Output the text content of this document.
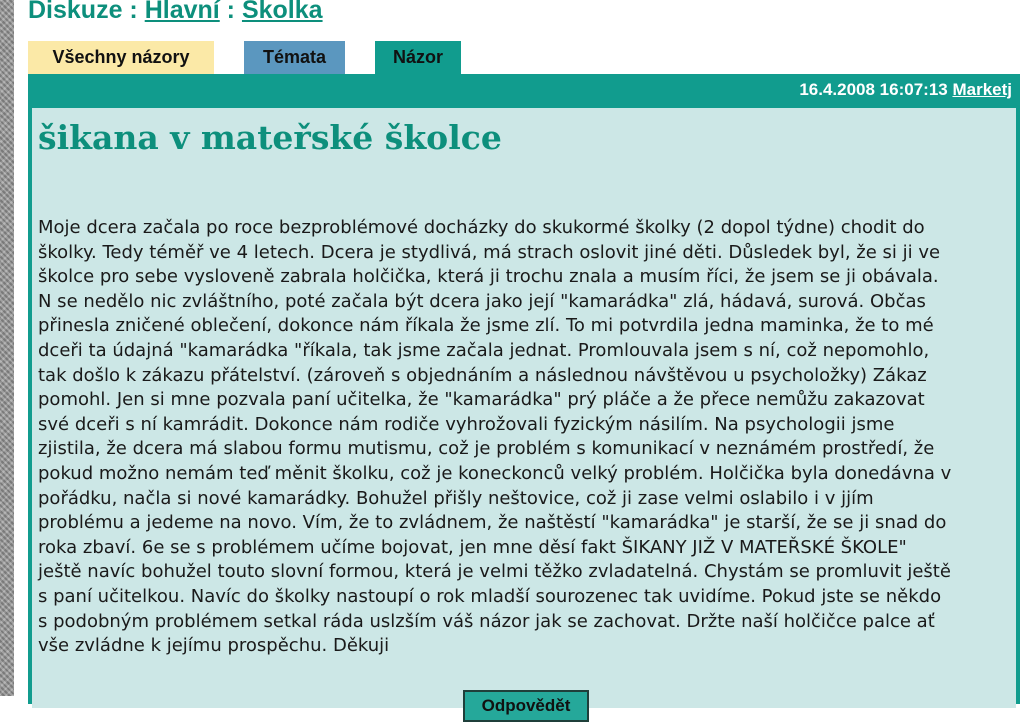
Diskuze : Hlavní : Skolka
Všechny názory	Témata	Názor
16.4.2008 16:07:13 Marketj
šikana v mateřské školce

Moje dcera začala po roce bezproblémové docházky do skukormé školky (2 dopol týdne) chodit do
školky. Tedy téměř ve 4 letech. Dcera je stydlivá, má strach oslovit jiné děti. Důsledek byl, že si ji ve
školce pro sebe vysloveně zabrala holčička, která ji trochu znala a musím říci, že jsem se ji obávala.
N se nedělo nic zvláštního, poté začala být dcera jako její "kamarádka" zlá, hádavá, surová. Občas
přinesla zničené oblečení, dokonce nám říkala že jsme zlí. To mi potvrdila jedna maminka, že to mé
dceři ta údajná "kamarádka "říkala, tak jsme začala jednat. Promlouvala jsem s ní, což nepomohlo,
tak došlo k zákazu přátelství. (zároveň s objednáním a následnou návštěvou u psycholožky) Zákaz
pomohl. Jen si mne pozvala paní učitelka, že "kamarádka" prý pláče a že přece nemůžu zakazovat
své dceři s ní kamrádit. Dokonce nám rodiče vyhrožovali fyzickým násilím. Na psychologii jsme
zjistila, že dcera má slabou formu mutismu, což je problém s komunikací v neznámém prostředí, že
pokud možno nemám teď měnit školku, což je koneckonců velký problém. Holčička byla donedávna v
pořádku, načla si nové kamarádky. Bohužel přišly neštovice, což ji zase velmi oslabilo i v jjím
problému a jedeme na novo. Vím, že to zvládnem, že naštěstí "kamarádka" je starší, že se ji snad do
roka zbaví. 6e se s problémem učíme bojovat, jen mne děsí fakt ŠIKANY JIŽ V MATEŘSKÉ ŠKOLE"
ještě navíc bohužel touto slovní formou, která je velmi těžko zvladatelná. Chystám se promluvit ještě
s paní učitelkou. Navíc do školky nastoupí o rok mladší sourozenec tak uvidíme. Pokud jste se někdo
s podobným problémem setkal ráda uslzším váš názor jak se zachovat. Držte naší holčičce palce ať
vše zvládne k jejímu prospěchu. Děkuji

Odpovědět
